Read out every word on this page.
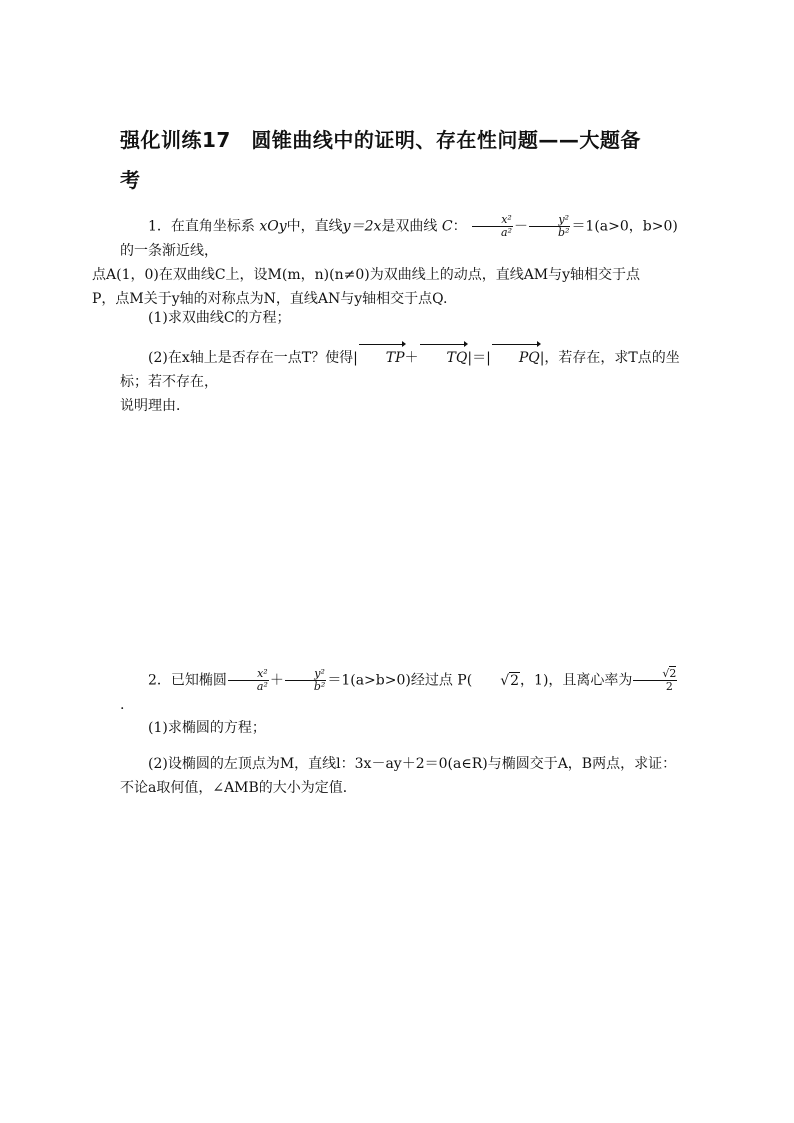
强化训练17　圆锥曲线中的证明、存在性问题——大题备
考
1．在直角坐标系 xOy中，直线y＝2x是双曲线 C： $\frac{\text{x²}}{\text{a²}} - \frac{\text{y²}}{\text{b²}} =1(a>0$，b>0)的一条渐近线，
点A(1，0)在双曲线C上，设M(m，n)(n≠0)为双曲线上的动点，直线AM与y轴相交于点
P，点M关于y轴的对称点为N，直线AN与y轴相交于点Q.
(1)求双曲线C的方程；
(2)在x轴上是否存在一点T？使得| TP＋ TQ|＝| PQ|，若存在，求T点的坐标；若不存在，
说明理由．
2．已知椭圆 $\frac{\text{x²}}{\text{a²}} + \frac{\text{y²}}{\text{b²}} =1(a>b>0)$经过点 P( √2，1)，且离心率为 $\frac{√2}{2}$
.
(1)求椭圆的方程；
(2)设椭圆的左顶点为M，直线l：3x－ay＋2＝0(a∈R)与椭圆交于A，B两点，求证：
不论a取何值，∠AMB的大小为定值．
